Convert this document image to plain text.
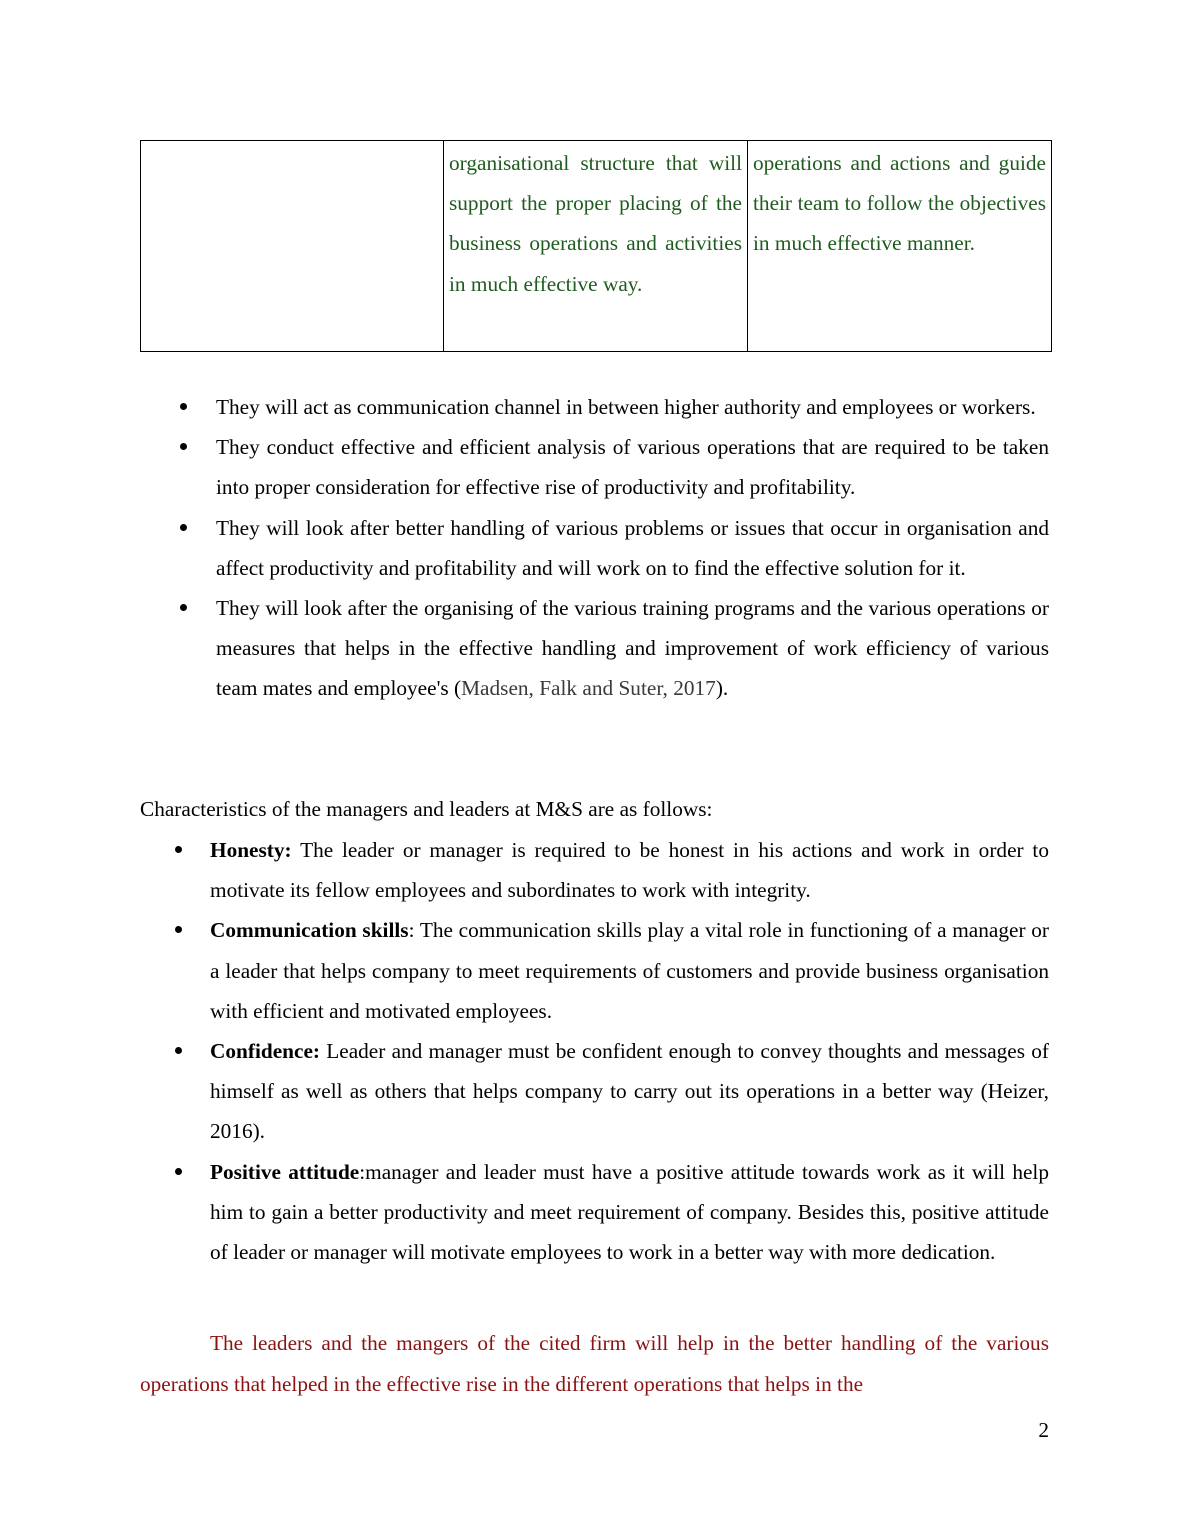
	organisational structure that will support the proper placing of the business operations and activities in much effective way.	operations and actions and guide their team to follow the objectives in much effective manner.
They will act as communication channel in between higher authority and employees or workers.
They conduct effective and efficient analysis of various operations that are required to be taken into proper consideration for effective rise of productivity and profitability.
They will look after better handling of various problems or issues that occur in organisation and affect productivity and profitability and will work on to find the effective solution for it.
They will look after the organising of the various training programs and the various operations or measures that helps in the effective handling and improvement of work efficiency of various team mates and employee's (Madsen, Falk and Suter, 2017).
Characteristics of the managers and leaders at M&S are as follows:
Honesty: The leader or manager is required to be honest in his actions and work in order to motivate its fellow employees and subordinates to work with integrity.
Communication skills: The communication skills play a vital role in functioning of a manager or a leader that helps company to meet requirements of customers and provide business organisation with efficient and motivated employees.
Confidence: Leader and manager must be confident enough to convey thoughts and messages of himself as well as others that helps company to carry out its operations in a better way (Heizer, 2016).
Positive attitude:manager and leader must have a positive attitude towards work as it will help him to gain a better productivity and meet requirement of company. Besides this, positive attitude of leader or manager will motivate employees to work in a better way with more dedication.

The leaders and the mangers of the cited firm will help in the better handling of the various operations that helped in the effective rise in the different operations that helps in the

2
